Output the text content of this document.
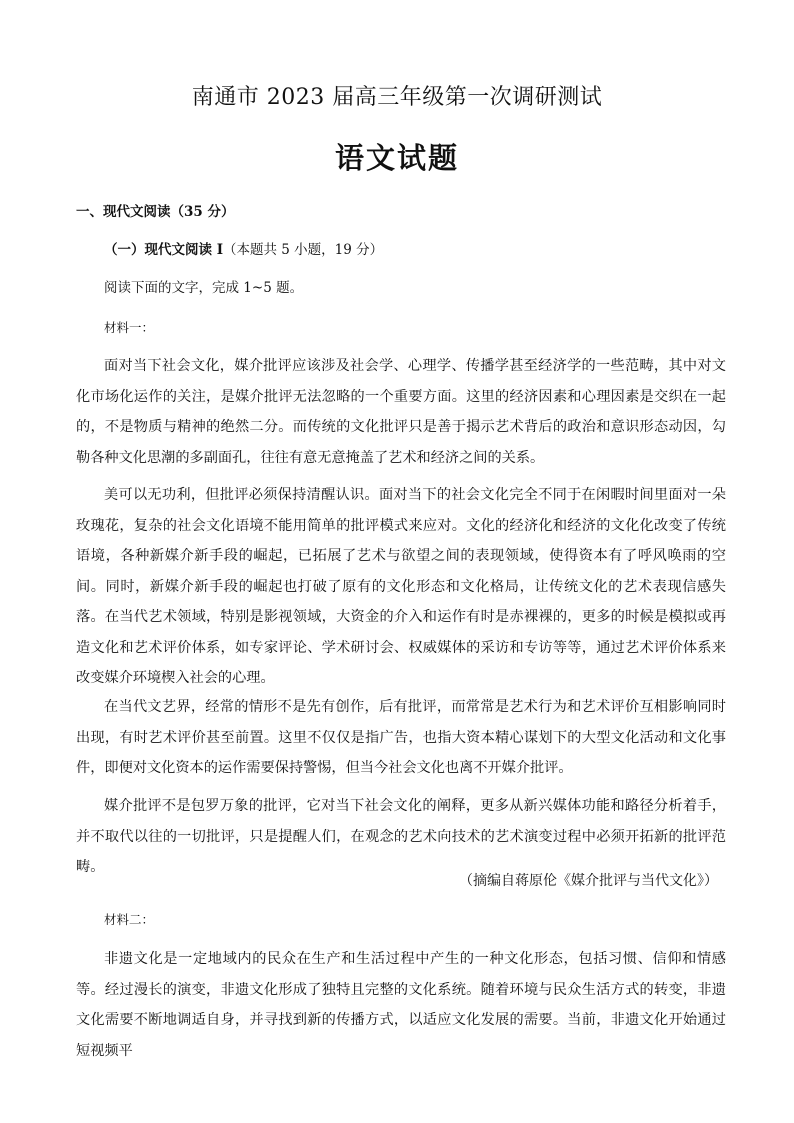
南通市 2023 届高三年级第一次调研测试
语文试题
一、现代文阅读（35 分）
（一）现代文阅读 I（本题共 5 小题，19 分）
阅读下面的文字，完成 1~5 题。
材料一：

面对当下社会文化，媒介批评应该涉及社会学、心理学、传播学甚至经济学的一些范畴，其中对文化市场化运作的关注，是媒介批评无法忽略的一个重要方面。这里的经济因素和心理因素是交织在一起的，不是物质与精神的绝然二分。而传统的文化批评只是善于揭示艺术背后的政治和意识形态动因，勾勒各种文化思潮的多副面孔，往往有意无意掩盖了艺术和经济之间的关系。

美可以无功利，但批评必须保持清醒认识。面对当下的社会文化完全不同于在闲暇时间里面对一朵玫瑰花，复杂的社会文化语境不能用简单的批评模式来应对。文化的经济化和经济的文化化改变了传统语境，各种新媒介新手段的崛起，已拓展了艺术与欲望之间的表现领域，使得资本有了呼风唤雨的空间。同时，新媒介新手段的崛起也打破了原有的文化形态和文化格局，让传统文化的艺术表现信感失落。在当代艺术领域，特别是影视领域，大资金的介入和运作有时是赤裸裸的，更多的时候是模拟或再造文化和艺术评价体系，如专家评论、学术研讨会、权威媒体的采访和专访等等，通过艺术评价体系来改变媒介环境楔入社会的心理。

在当代文艺界，经常的情形不是先有创作，后有批评，而常常是艺术行为和艺术评价互相影响同时出现，有时艺术评价甚至前置。这里不仅仅是指广告，也指大资本精心谋划下的大型文化活动和文化事件，即便对文化资本的运作需要保持警惕，但当今社会文化也离不开媒介批评。

媒介批评不是包罗万象的批评，它对当下社会文化的阐释，更多从新兴媒体功能和路径分析着手，并不取代以往的一切批评，只是提醒人们，在观念的艺术向技术的艺术演变过程中必须开拓新的批评范畴。

（摘编自蒋原伦《媒介批评与当代文化》）
材料二：

非遗文化是一定地域内的民众在生产和生活过程中产生的一种文化形态，包括习惯、信仰和情感等。经过漫长的演变，非遗文化形成了独特且完整的文化系统。随着环境与民众生活方式的转变，非遗文化需要不断地调适自身，并寻找到新的传播方式，以适应文化发展的需要。当前，非遗文化开始通过短视频平
